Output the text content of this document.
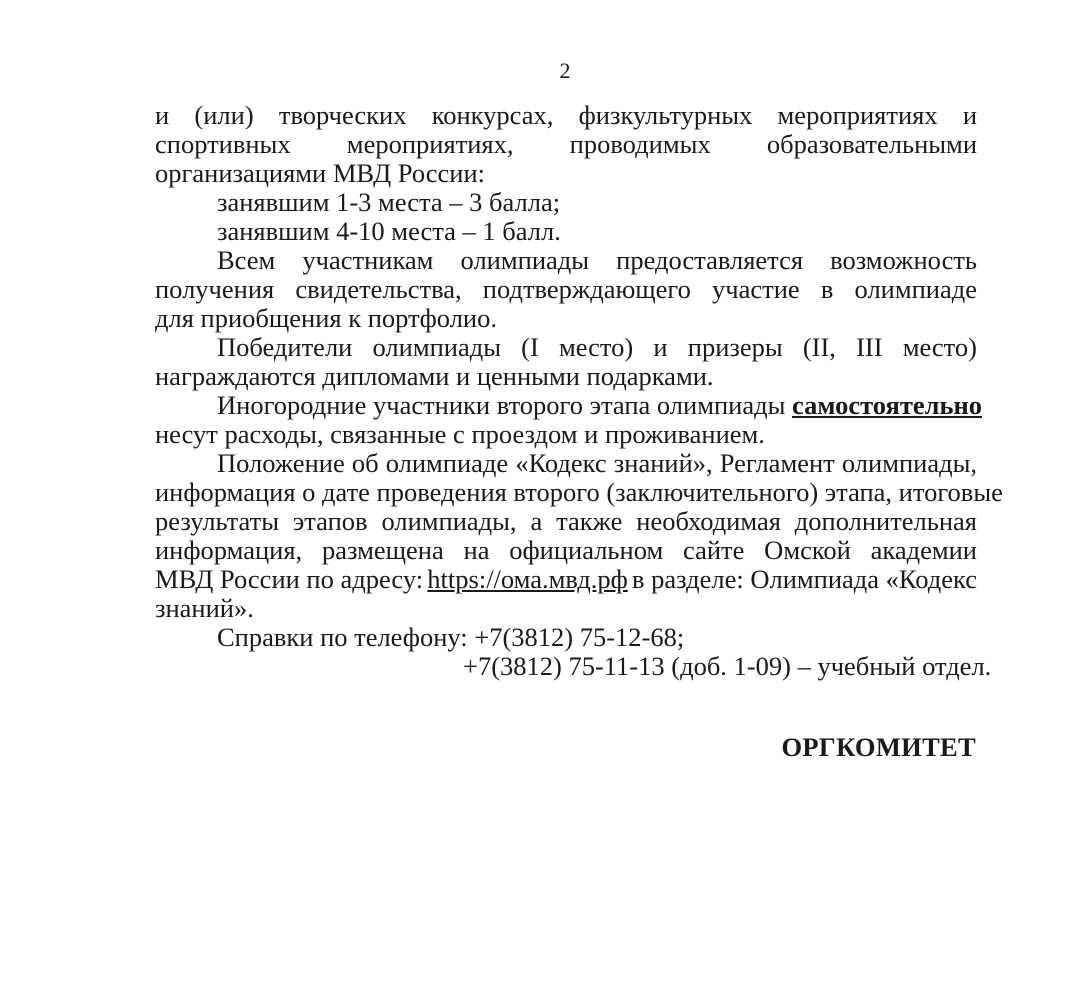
2
и (или) творческих конкурсах, физкультурных мероприятиях и
спортивных мероприятиях, проводимых образовательными
организациями МВД России:
занявшим 1-3 места – 3 балла;
занявшим 4-10 места – 1 балл.
Всем участникам олимпиады предоставляется возможность
получения свидетельства, подтверждающего участие в олимпиаде
для приобщения к портфолио.
Победители олимпиады (I место) и призеры (II, III место)
награждаются дипломами и ценными подарками.
Иногородние участники второго этапа олимпиады самостоятельно
несут расходы, связанные с проездом и проживанием.
Положение об олимпиаде «Кодекс знаний», Регламент олимпиады,
информация о дате проведения второго (заключительного) этапа, итоговые
результаты этапов олимпиады, а также необходимая дополнительная
информация, размещена на официальном сайте Омской академии
МВД России по адресу: https://ома.мвд.рф в разделе: Олимпиада «Кодекс
знаний».
Справки по телефону: +7(3812) 75-12-68;
+7(3812) 75-11-13 (доб. 1-09) – учебный отдел.
ОРГКОМИТЕТ
